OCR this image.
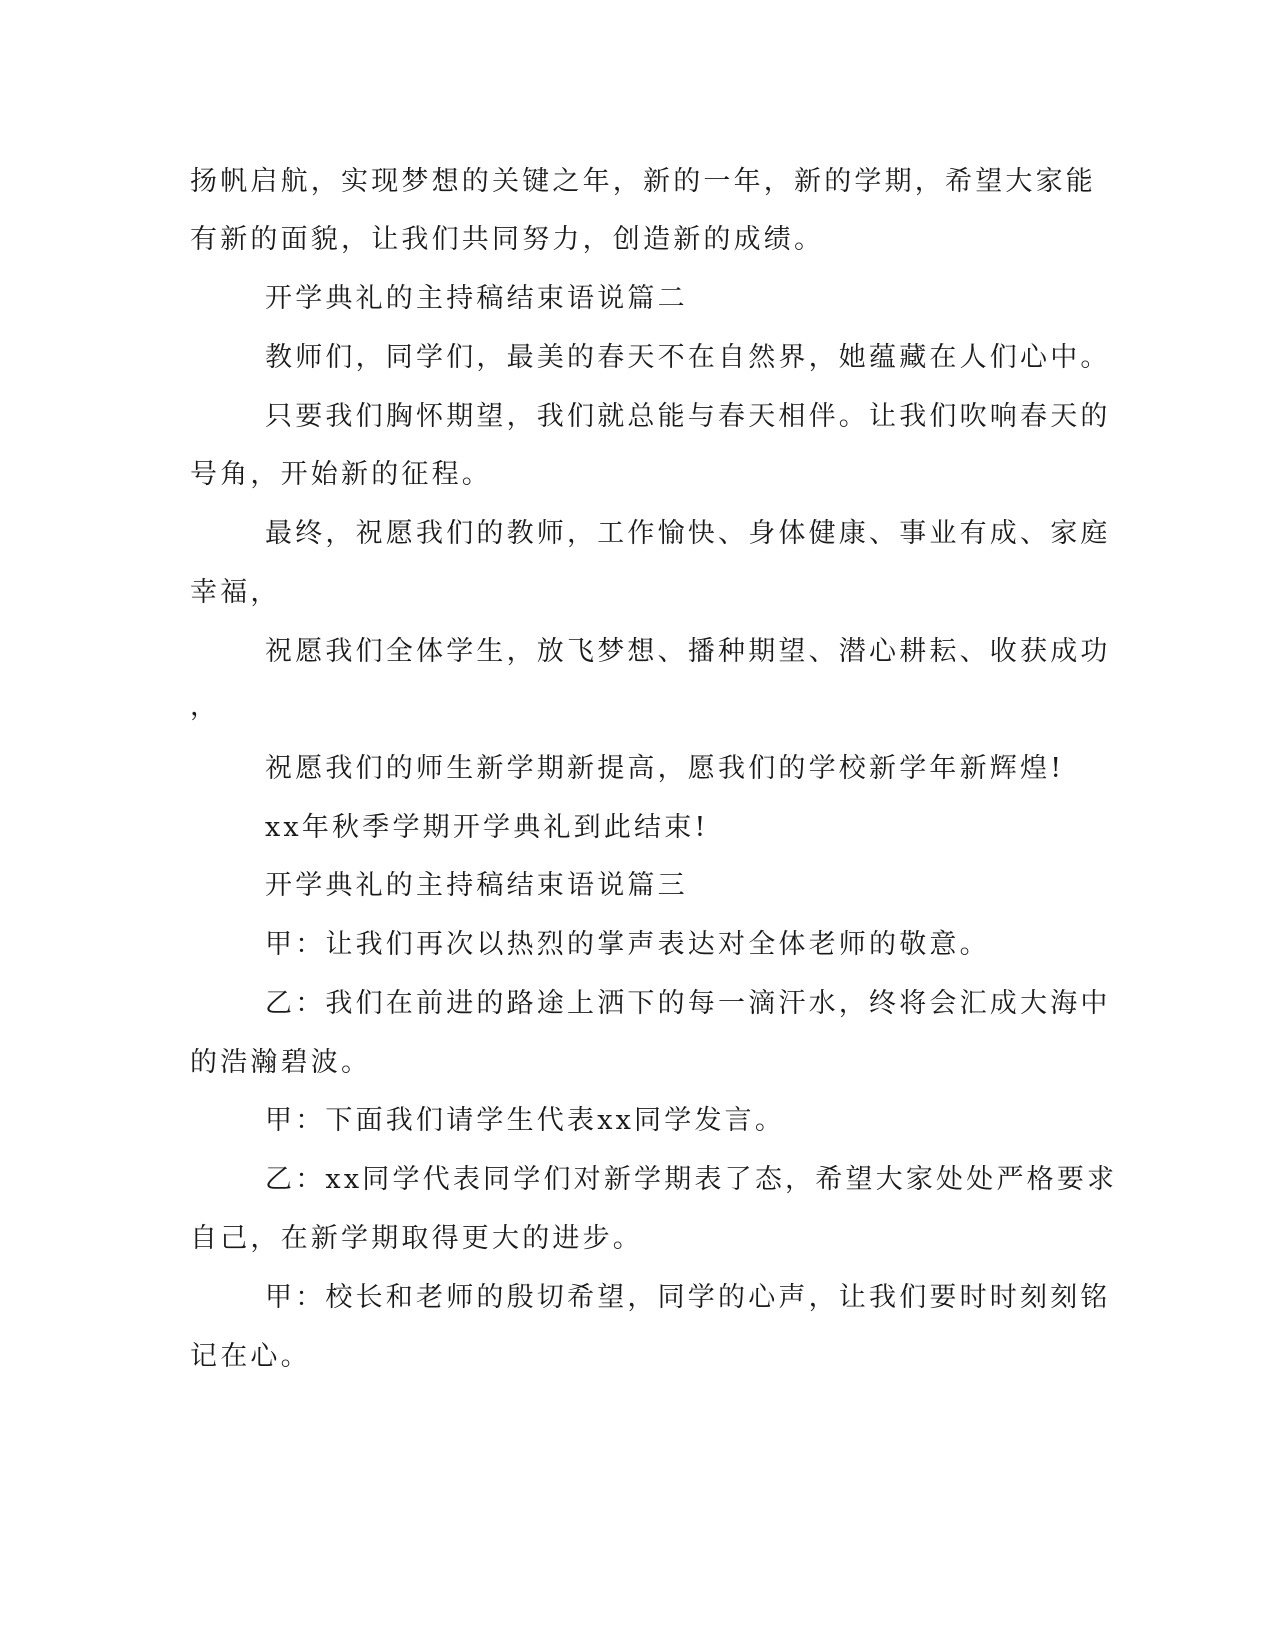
扬帆启航，实现梦想的关键之年，新的一年，新的学期，希望大家能
有新的面貌，让我们共同努力，创造新的成绩。
开学典礼的主持稿结束语说篇二
教师们，同学们，最美的春天不在自然界，她蕴藏在人们心中。
只要我们胸怀期望，我们就总能与春天相伴。让我们吹响春天的
号角，开始新的征程。
最终，祝愿我们的教师，工作愉快、身体健康、事业有成、家庭
幸福，
祝愿我们全体学生，放飞梦想、播种期望、潜心耕耘、收获成功
，
祝愿我们的师生新学期新提高，愿我们的学校新学年新辉煌!
xx年秋季学期开学典礼到此结束!
开学典礼的主持稿结束语说篇三
甲：让我们再次以热烈的掌声表达对全体老师的敬意。
乙：我们在前进的路途上洒下的每一滴汗水，终将会汇成大海中
的浩瀚碧波。
甲：下面我们请学生代表xx同学发言。
乙：xx同学代表同学们对新学期表了态，希望大家处处严格要求
自己，在新学期取得更大的进步。
甲：校长和老师的殷切希望，同学的心声，让我们要时时刻刻铭
记在心。
